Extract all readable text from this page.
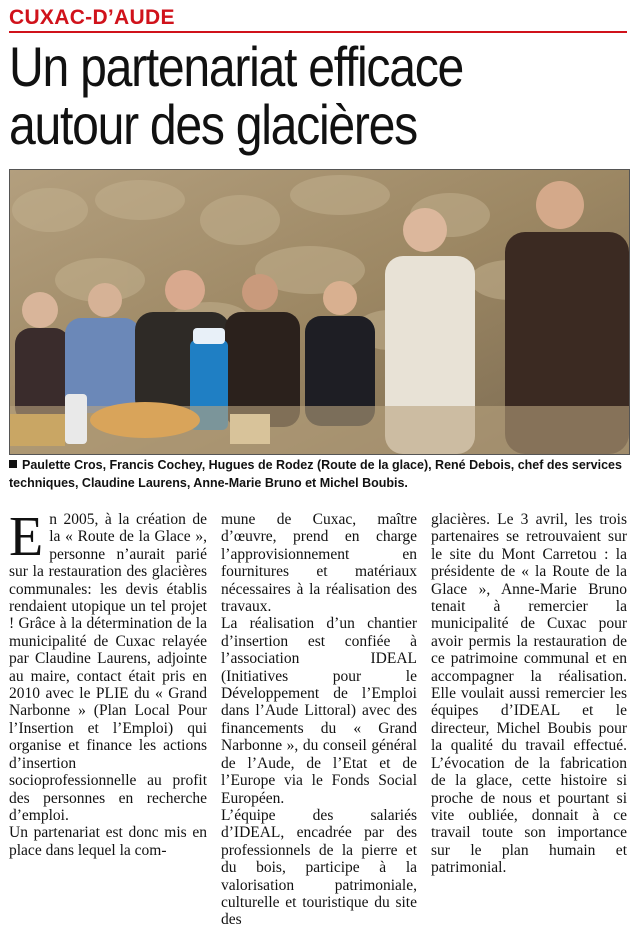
CUXAC-D’AUDE
Un partenariat efficace
autour des glacières
Paulette Cros, Francis Cochey, Hugues de Rodez (Route de la glace), René Debois, chef des services techniques, Claudine Laurens, Anne-Marie Bruno et Michel Boubis.
E n 2005, à la création de la « Route de la Glace », personne n’aurait parié sur la restauration des glacières communales: les devis établis rendaient utopique un tel projet ! Grâce à la détermination de la municipalité de Cuxac relayée par Claudine Laurens, adjointe au maire, contact était pris en 2010 avec le PLIE du « Grand Narbonne » (Plan Local Pour l’Insertion et l’Emploi) qui organise et finance les actions d’insertion socioprofessionnelle au profit des personnes en recherche d’emploi.

Un partenariat est donc mis en place dans lequel la com-

mune de Cuxac, maître d’œuvre, prend en charge l’approvisionnement en fournitures et matériaux nécessaires à la réalisation des travaux.

La réalisation d’un chantier d’insertion est confiée à l’association IDEAL (Initiatives pour le Développement de l’Emploi dans l’Aude Littoral) avec des financements du « Grand Narbonne », du conseil général de l’Aude, de l’Etat et de l’Europe via le Fonds Social Européen.

L’équipe des salariés d’IDEAL, encadrée par des professionnels de la pierre et du bois, participe à la valorisation patrimoniale, culturelle et touristique du site des

glacières. Le 3 avril, les trois partenaires se retrouvaient sur le site du Mont Carretou : la présidente de « la Route de la Glace », Anne-Marie Bruno tenait à remercier la municipalité de Cuxac pour avoir permis la restauration de ce patrimoine communal et en accompagner la réalisation. Elle voulait aussi remercier les équipes d’IDEAL et le directeur, Michel Boubis pour la qualité du travail effectué. L’évocation de la fabrication de la glace, cette histoire si proche de nous et pourtant si vite oubliée, donnait à ce travail toute son importance sur le plan humain et patrimonial.
